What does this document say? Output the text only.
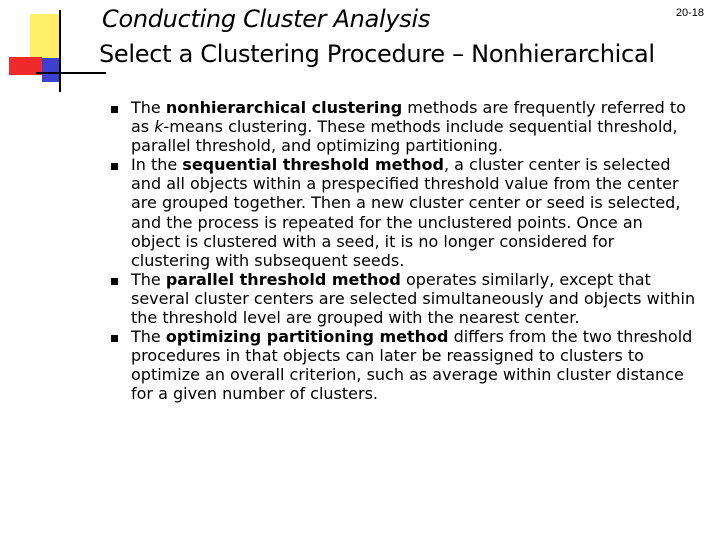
Conducting Cluster Analysis	20-18
Select a Clustering Procedure – Nonhierarchical
The nonhierarchical clustering methods are frequently referred to as k-means clustering. These methods include sequential threshold, parallel threshold, and optimizing partitioning.
In the sequential threshold method, a cluster center is selected and all objects within a prespecified threshold value from the center are grouped together. Then a new cluster center or seed is selected, and the process is repeated for the unclustered points. Once an object is clustered with a seed, it is no longer considered for clustering with subsequent seeds.
The parallel threshold method operates similarly, except that several cluster centers are selected simultaneously and objects within the threshold level are grouped with the nearest center.
The optimizing partitioning method differs from the two threshold procedures in that objects can later be reassigned to clusters to optimize an overall criterion, such as average within cluster distance for a given number of clusters.
